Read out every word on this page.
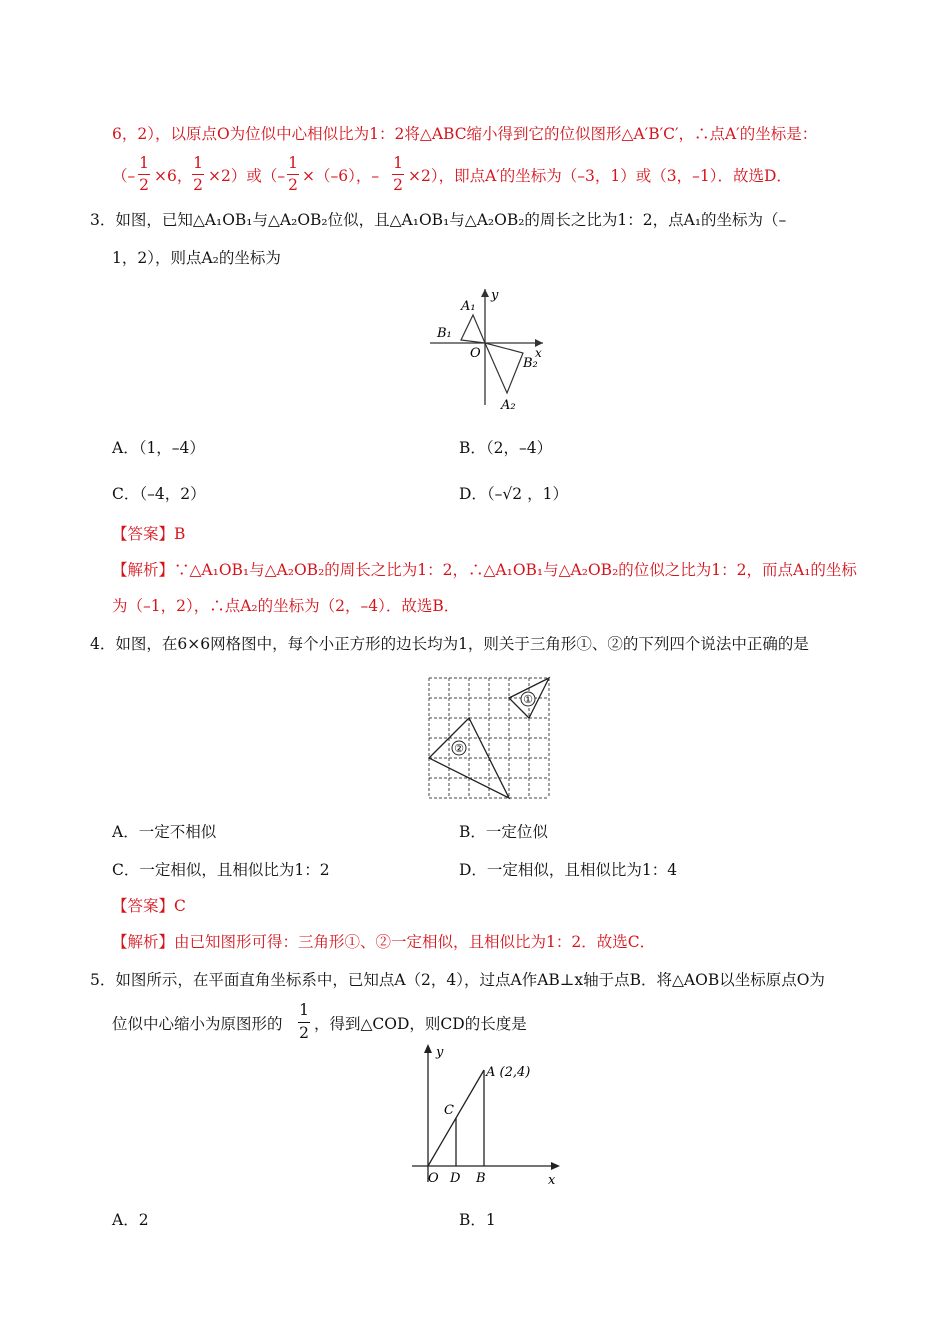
6，2），以原点O为位似中心相似比为1：2将△ABC缩小得到它的位似图形△A′B′C′，∴点A′的坐标是：
（–
1
2 ×6，
1
2 ×2）或（–
1
2 ×（–6），–
1
2 ×2），即点A′的坐标为（–3，1）或（3，–1）．故选D．
3．如图，已知△A₁OB₁与△A₂OB₂位似，且△A₁OB₁与△A₂OB₂的周长之比为1：2，点A₁的坐标为（–
1，2），则点A₂的坐标为
y
A₁
B₁
O	x
B₂
A₂
A．（1，–4）	B．（2，–4）
C．（–4，2）	D．（–√2 ，1）
【答案】B
【解析】∵△A₁OB₁与△A₂OB₂的周长之比为1：2，∴△A₁OB₁与△A₂OB₂的位似之比为1：2，而点A₁的坐标
为（–1，2），∴点A₂的坐标为（2，–4）．故选B．
4．如图，在6×6网格图中，每个小正方形的边长均为1，则关于三角形①、②的下列四个说法中正确的是
①
②
A．一定不相似	B．一定位似
C．一定相似，且相似比为1：2	D．一定相似，且相似比为1：4
【答案】C
【解析】由已知图形可得：三角形①、②一定相似，且相似比为1：2．故选C．
5．如图所示，在平面直角坐标系中，已知点A（2，4），过点A作AB⊥x轴于点B．将△AOB以坐标原点O为
位似中心缩小为原图形的
1
2 ，得到△COD，则CD的长度是
y
A (2,4)
C
O D B	x
A．2	B．1
